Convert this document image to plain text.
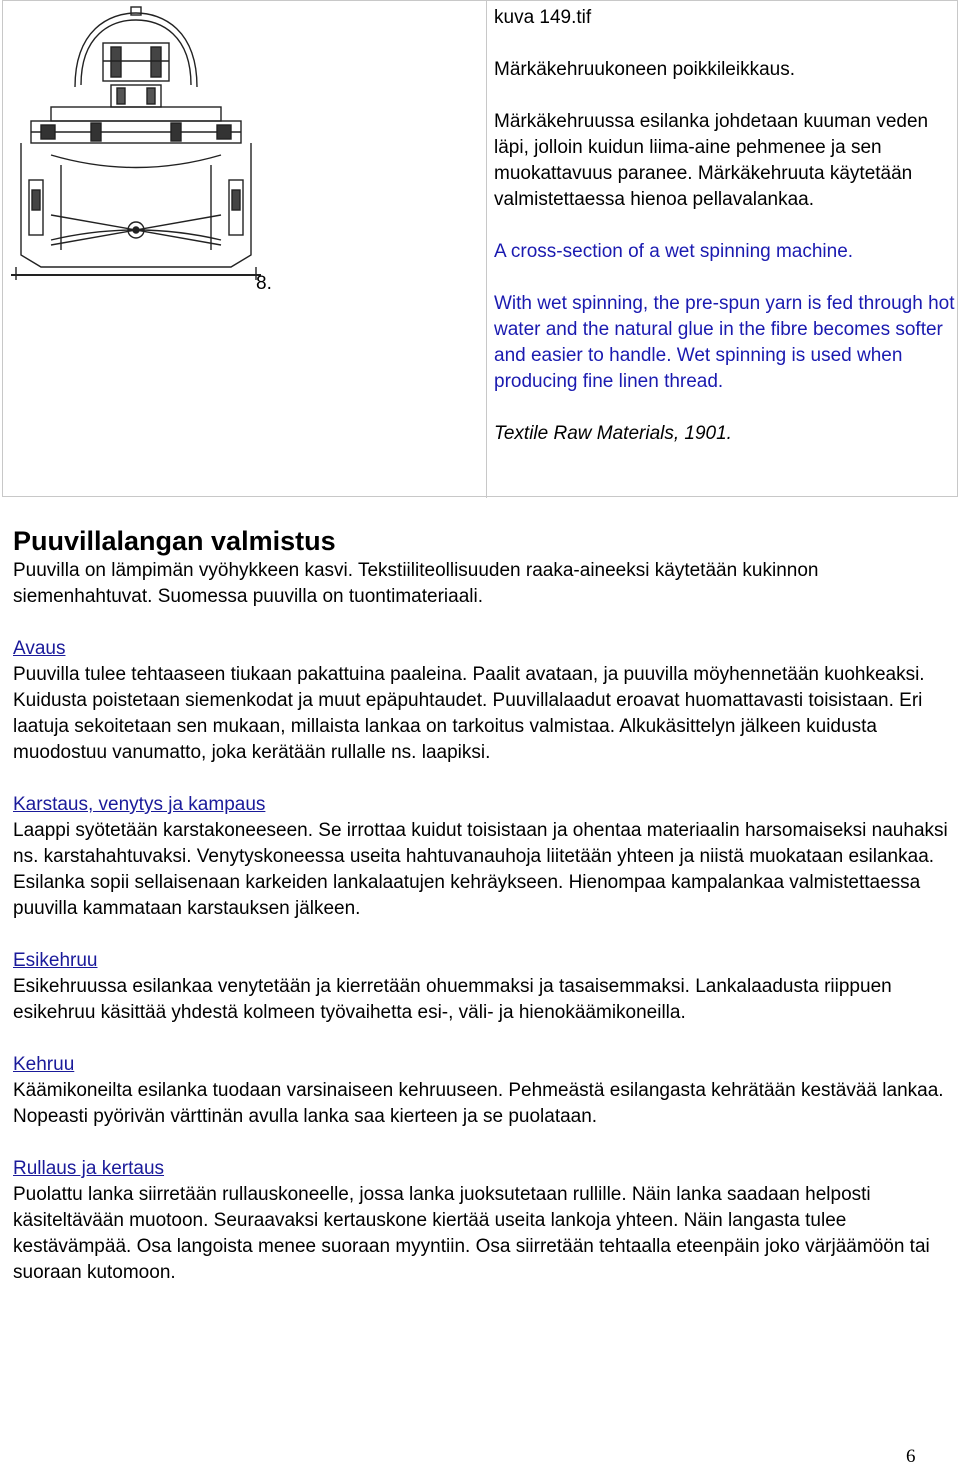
8.

kuva 149.tif

Märkäkehruukoneen poikkileikkaus.

Märkäkehruussa esilanka johdetaan kuuman veden läpi, jolloin kuidun liima-aine pehmenee ja sen muokattavuus paranee. Märkäkehruuta käytetään valmistettaessa hienoa pellavalankaa.

A cross-section of a wet spinning machine.

With wet spinning, the pre-spun yarn is fed through hot water and the natural glue in the fibre becomes softer and easier to handle. Wet spinning is used when producing fine linen thread.

Textile Raw Materials, 1901.

Puuvillalangan valmistus

Puuvilla on lämpimän vyöhykkeen kasvi. Tekstiiliteollisuuden raaka-aineeksi käytetään kukinnon siemenhahtuvat. Suomessa puuvilla on tuontimateriaali.

Avaus

Puuvilla tulee tehtaaseen tiukaan pakattuina paaleina. Paalit avataan, ja puuvilla möyhennetään kuohkeaksi. Kuidusta poistetaan siemenkodat ja muut epäpuhtaudet. Puuvillalaadut eroavat huomattavasti toisistaan. Eri laatuja sekoitetaan sen mukaan, millaista lankaa on tarkoitus valmistaa. Alkukäsittelyn jälkeen kuidusta muodostuu vanumatto, joka kerätään rullalle ns. laapiksi.

Karstaus, venytys ja kampaus

Laappi syötetään karstakoneeseen. Se irrottaa kuidut toisistaan ja ohentaa materiaalin harsomaiseksi nauhaksi ns. karstahahtuvaksi. Venytyskoneessa useita hahtuvanauhoja liitetään yhteen ja niistä muokataan esilankaa. Esilanka sopii sellaisenaan karkeiden lankalaatujen kehräykseen. Hienompaa kampalankaa valmistettaessa puuvilla kammataan karstauksen jälkeen.

Esikehruu

Esikehruussa esilankaa venytetään ja kierretään ohuemmaksi ja tasaisemmaksi. Lankalaadusta riippuen esikehruu käsittää yhdestä kolmeen työvaihetta esi-, väli- ja hienokäämikoneilla.

Kehruu

Käämikoneilta esilanka tuodaan varsinaiseen kehruuseen. Pehmeästä esilangasta kehrätään kestävää lankaa. Nopeasti pyörivän värttinän avulla lanka saa kierteen ja se puolataan.

Rullaus ja kertaus

Puolattu lanka siirretään rullauskoneelle, jossa lanka juoksutetaan rullille. Näin lanka saadaan helposti käsiteltävään muotoon. Seuraavaksi kertauskone kiertää useita lankoja yhteen. Näin langasta tulee kestävämpää. Osa langoista menee suoraan myyntiin. Osa siirretään tehtaalla eteenpäin joko värjäämöön tai suoraan kutomoon.

6
